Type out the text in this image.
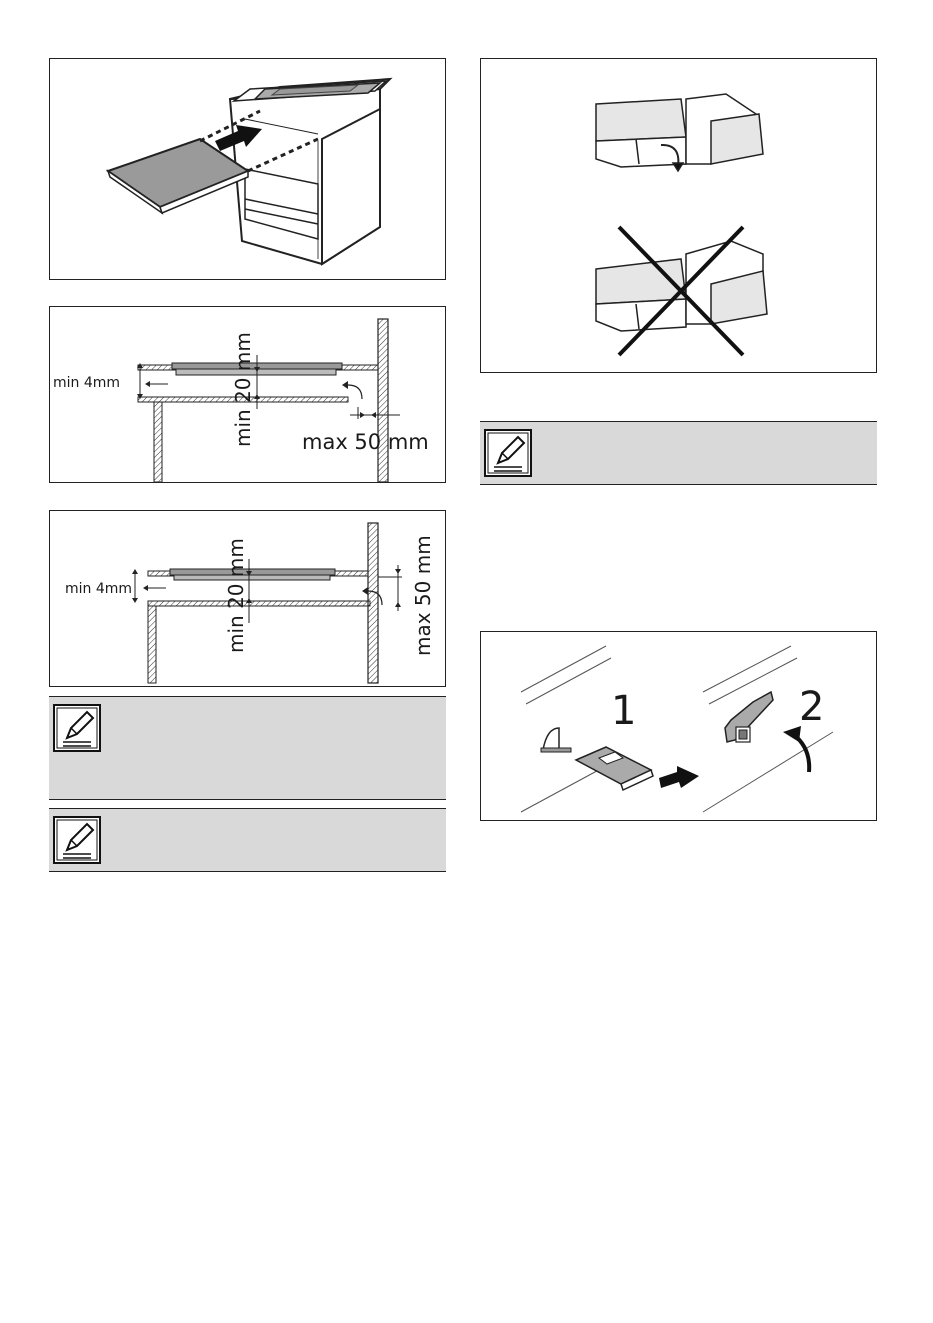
min 4mm	min 20 mm max 50 mm
min 4mm	min 20 mm	max 50 mm
1	2
